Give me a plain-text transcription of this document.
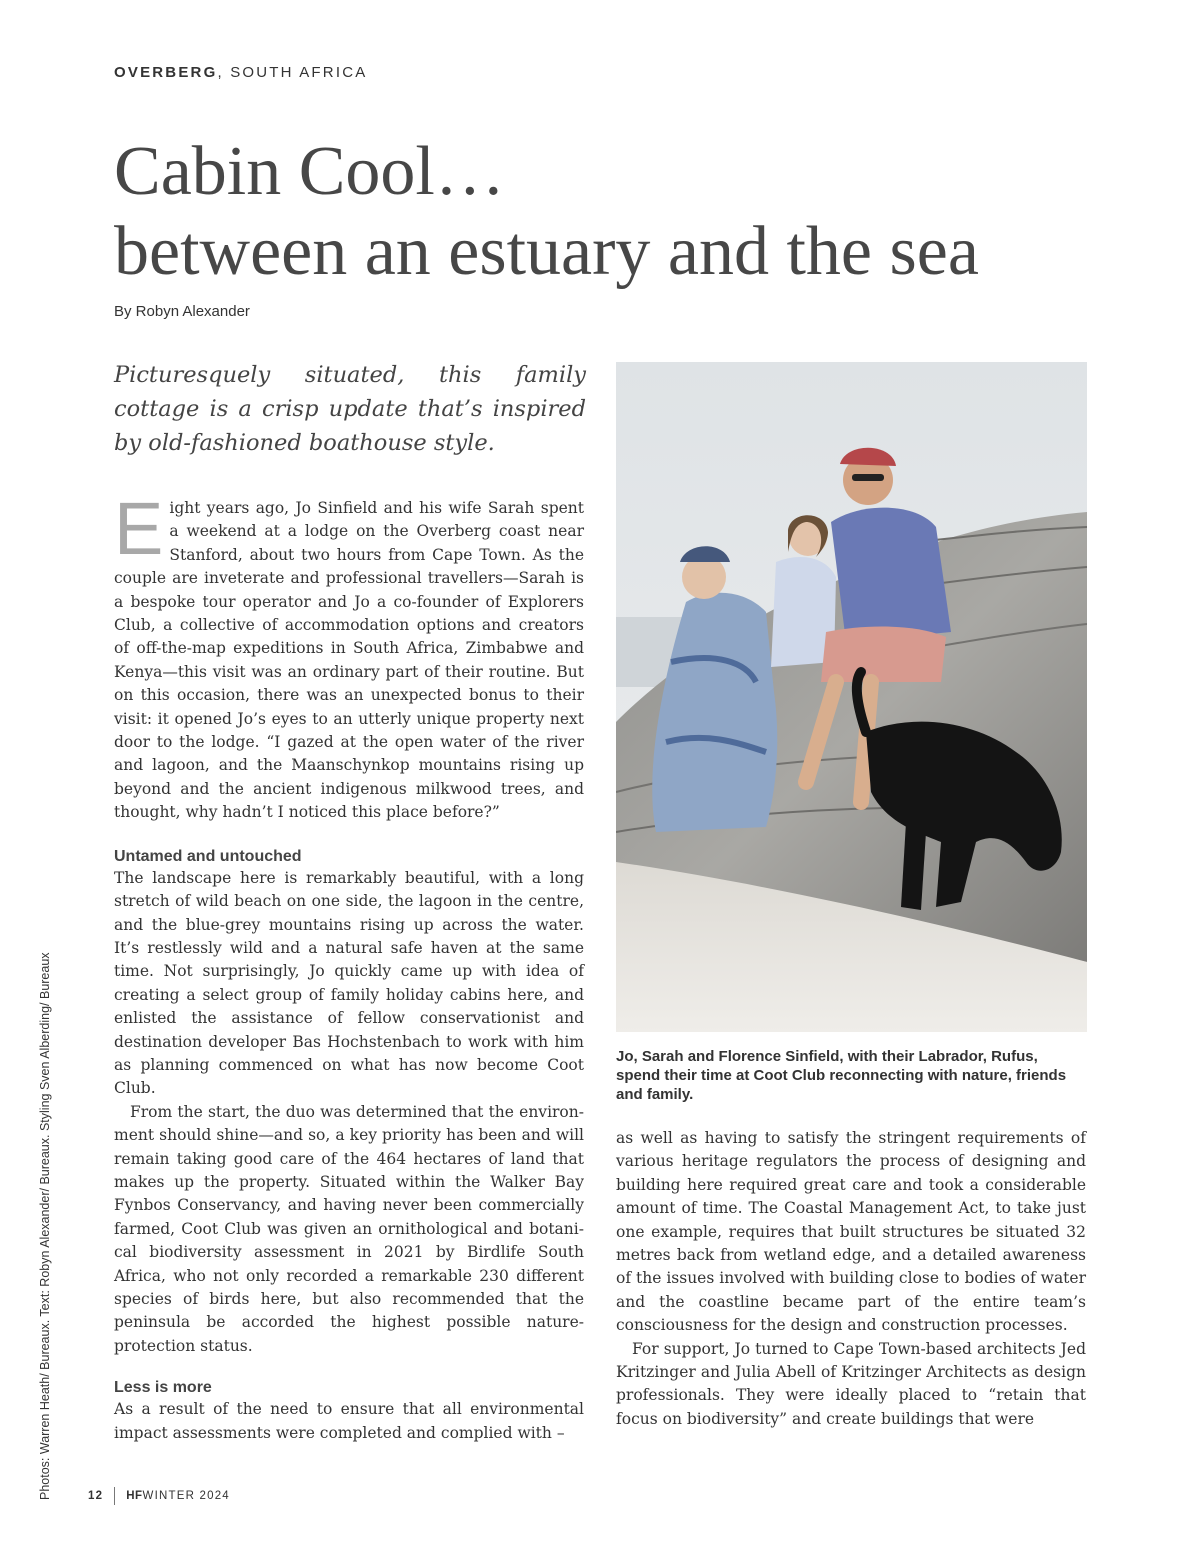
OVERBERG, SOUTH AFRICA
Cabin Cool…
between an estuary and the sea
By Robyn Alexander

Picturesquely situated, this family cottage is a crisp update that’s inspired by old-fashioned boathouse style.

Eight years ago, Jo Sinfield and his wife Sarah spent a weekend at a lodge on the Overberg coast near Stanford, about two hours from Cape Town. As the couple are inveterate and professional travellers—Sarah is a bespoke tour operator and Jo a co-founder of Explorers Club, a collective of accommodation options and creators of off-the-map expeditions in South Africa, Zimbabwe and Kenya—this visit was an ordinary part of their routine. But on this occasion, there was an unexpected bonus to their visit: it opened Jo’s eyes to an utterly unique property next door to the lodge. “I gazed at the open water of the river and lagoon, and the Maanschynkop mountains rising up beyond and the ancient indigenous milkwood trees, and thought, why hadn’t I noticed this place before?”

Untamed and untouched

The landscape here is remarkably beautiful, with a long stretch of wild beach on one side, the lagoon in the centre, and the blue-grey mountains rising up across the water. It’s restlessly wild and a natural safe haven at the same time. Not surprisingly, Jo quickly came up with idea of creating a select group of family holiday cabins here, and enlisted the assistance of fellow conservationist and destination developer Bas Hochstenbach to work with him as planning commenced on what has now become Coot Club.

From the start, the duo was determined that the environment should shine—and so, a key priority has been and will remain taking good care of the 464 hectares of land that makes up the property. Situated within the Walker Bay Fynbos Conservancy, and having never been commercially farmed, Coot Club was given an ornithological and botanical biodiversity assessment in 2021 by Birdlife South Africa, who not only recorded a remarkable 230 different species of birds here, but also recommended that the peninsula be accorded the highest possible nature-protection status.

Less is more

As a result of the need to ensure that all environmental impact assessments were completed and complied with –

Jo, Sarah and Florence Sinfield, with their Labrador, Rufus, spend their time at Coot Club reconnecting with nature, friends and family.

as well as having to satisfy the stringent requirements of various heritage regulators the process of designing and building here required great care and took a considerable amount of time. The Coastal Management Act, to take just one example, requires that built structures be situated 32 metres back from wetland edge, and a detailed awareness of the issues involved with building close to bodies of water and the coastline became part of the entire team’s consciousness for the design and construction processes.

For support, Jo turned to Cape Town-based architects Jed Kritzinger and Julia Abell of Kritzinger Architects as design professionals. They were ideally placed to “retain that focus on biodiversity” and create buildings that were

Photos: Warren Heath/ Bureaux. Text: Robyn Alexander/ Bureaux. Styling Sven Alberding/ Bureaux	12 HF WINTER 2024
